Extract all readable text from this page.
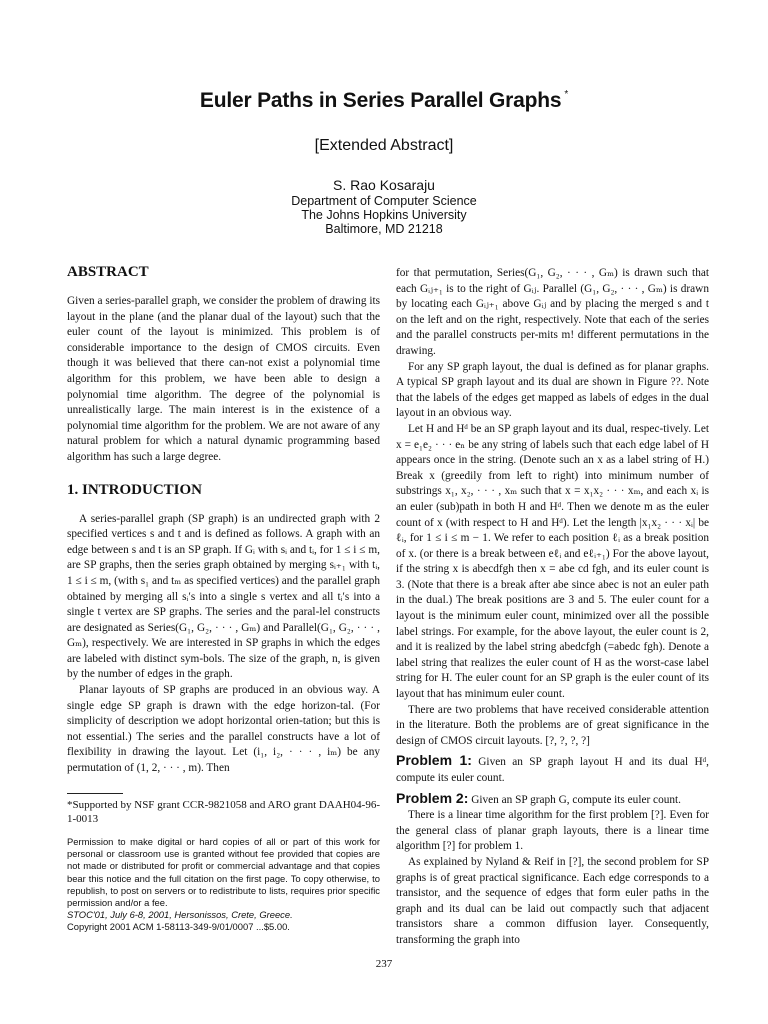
Euler Paths in Series Parallel Graphs *
[Extended Abstract]
S. Rao Kosaraju
Department of Computer Science
The Johns Hopkins University
Baltimore, MD 21218
ABSTRACT

Given a series-parallel graph, we consider the problem of drawing its layout in the plane (and the planar dual of the layout) such that the euler count of the layout is minimized. This problem is of considerable importance to the design of CMOS circuits. Even though it was believed that there can-not exist a polynomial time algorithm for this problem, we have been able to design a polynomial time algorithm. The degree of the polynomial is unrealistically large. The main interest is in the existence of a polynomial time algorithm for the problem. We are not aware of any natural problem for which a natural dynamic programming based algorithm has such a large degree.

1. INTRODUCTION

A series-parallel graph (SP graph) is an undirected graph with 2 specified vertices s and t and is defined as follows. A graph with an edge between s and t is an SP graph. If Gᵢ with sᵢ and tᵢ, for 1 ≤ i ≤ m, are SP graphs, then the series graph obtained by merging sᵢ₊₁ with tᵢ, 1 ≤ i ≤ m, (with s₁ and tₘ as specified vertices) and the parallel graph obtained by merging all sᵢ′s into a single s vertex and all tᵢ′s into a single t vertex are SP graphs. The series and the paral-lel constructs are designated as Series(G₁, G₂, · · · , Gₘ) and Parallel(G₁, G₂, · · · , Gₘ), respectively. We are interested in SP graphs in which the edges are labeled with distinct sym-bols. The size of the graph, n, is given by the number of edges in the graph.

Planar layouts of SP graphs are produced in an obvious way. A single edge SP graph is drawn with the edge horizon-tal. (For simplicity of description we adopt horizontal orien-tation; but this is not essential.) The series and the parallel constructs have a lot of flexibility in drawing the layout. Let (i₁, i₂, · · · , iₘ) be any permutation of (1, 2, · · · , m). Then

*Supported by NSF grant CCR-9821058 and ARO grant DAAH04-96-1-0013

Permission to make digital or hard copies of all or part of this work for personal or classroom use is granted without fee provided that copies are not made or distributed for profit or commercial advantage and that copies bear this notice and the full citation on the first page. To copy otherwise, to republish, to post on servers or to redistribute to lists, requires prior specific permission and/or a fee.

STOC'01, July 6-8, 2001, Hersonissos, Crete, Greece.

Copyright 2001 ACM 1-58113-349-9/01/0007 ...$5.00.

for that permutation, Series(G₁, G₂, · · · , Gₘ) is drawn such that each Gᵢⱼ₊₁ is to the right of Gᵢⱼ. Parallel (G₁, G₂, · · · , Gₘ) is drawn by locating each Gᵢⱼ₊₁ above Gᵢⱼ and by placing the merged s and t on the left and on the right, respectively. Note that each of the series and the parallel constructs per-mits m! different permutations in the drawing.

For any SP graph layout, the dual is defined as for planar graphs. A typical SP graph layout and its dual are shown in Figure ??. Note that the labels of the edges get mapped as labels of edges in the dual layout in an obvious way.

Let H and Hᵈ be an SP graph layout and its dual, respec-tively. Let x = e₁e₂ · · · eₙ be any string of labels such that each edge label of H appears once in the string. (Denote such an x as a label string of H.) Break x (greedily from left to right) into minimum number of substrings x₁, x₂, · · · , xₘ such that x = x₁x₂ · · · xₘ, and each xᵢ is an euler (sub)path in both H and Hᵈ. Then we denote m as the euler count of x (with respect to H and Hᵈ). Let the length |x₁x₂ · · · xᵢ| be ℓᵢ, for 1 ≤ i ≤ m − 1. We refer to each position ℓᵢ as a break position of x. (or there is a break between eℓᵢ and eℓᵢ₊₁) For the above layout, if the string x is abecdfgh then x = abe cd fgh, and its euler count is 3. (Note that there is a break after abe since abec is not an euler path in the dual.) The break positions are 3 and 5. The euler count for a layout is the minimum euler count, minimized over all the possible label strings. For example, for the above layout, the euler count is 2, and it is realized by the label string abedcfgh (=abedc fgh). Denote a label string that realizes the euler count of H as the worst-case label string for H. The euler count for an SP graph is the euler count of its layout that has minimum euler count.

There are two problems that have received considerable attention in the literature. Both the problems are of great significance in the design of CMOS circuit layouts. [?, ?, ?, ?]

Problem 1: Given an SP graph layout H and its dual Hᵈ, compute its euler count.

Problem 2: Given an SP graph G, compute its euler count.

There is a linear time algorithm for the first problem [?]. Even for the general class of planar graph layouts, there is a linear time algorithm [?] for problem 1.

As explained by Nyland & Reif in [?], the second problem for SP graphs is of great practical significance. Each edge corresponds to a transistor, and the sequence of edges that form euler paths in the graph and its dual can be laid out compactly such that adjacent transistors share a common diffusion layer. Consequently, transforming the graph into

237
